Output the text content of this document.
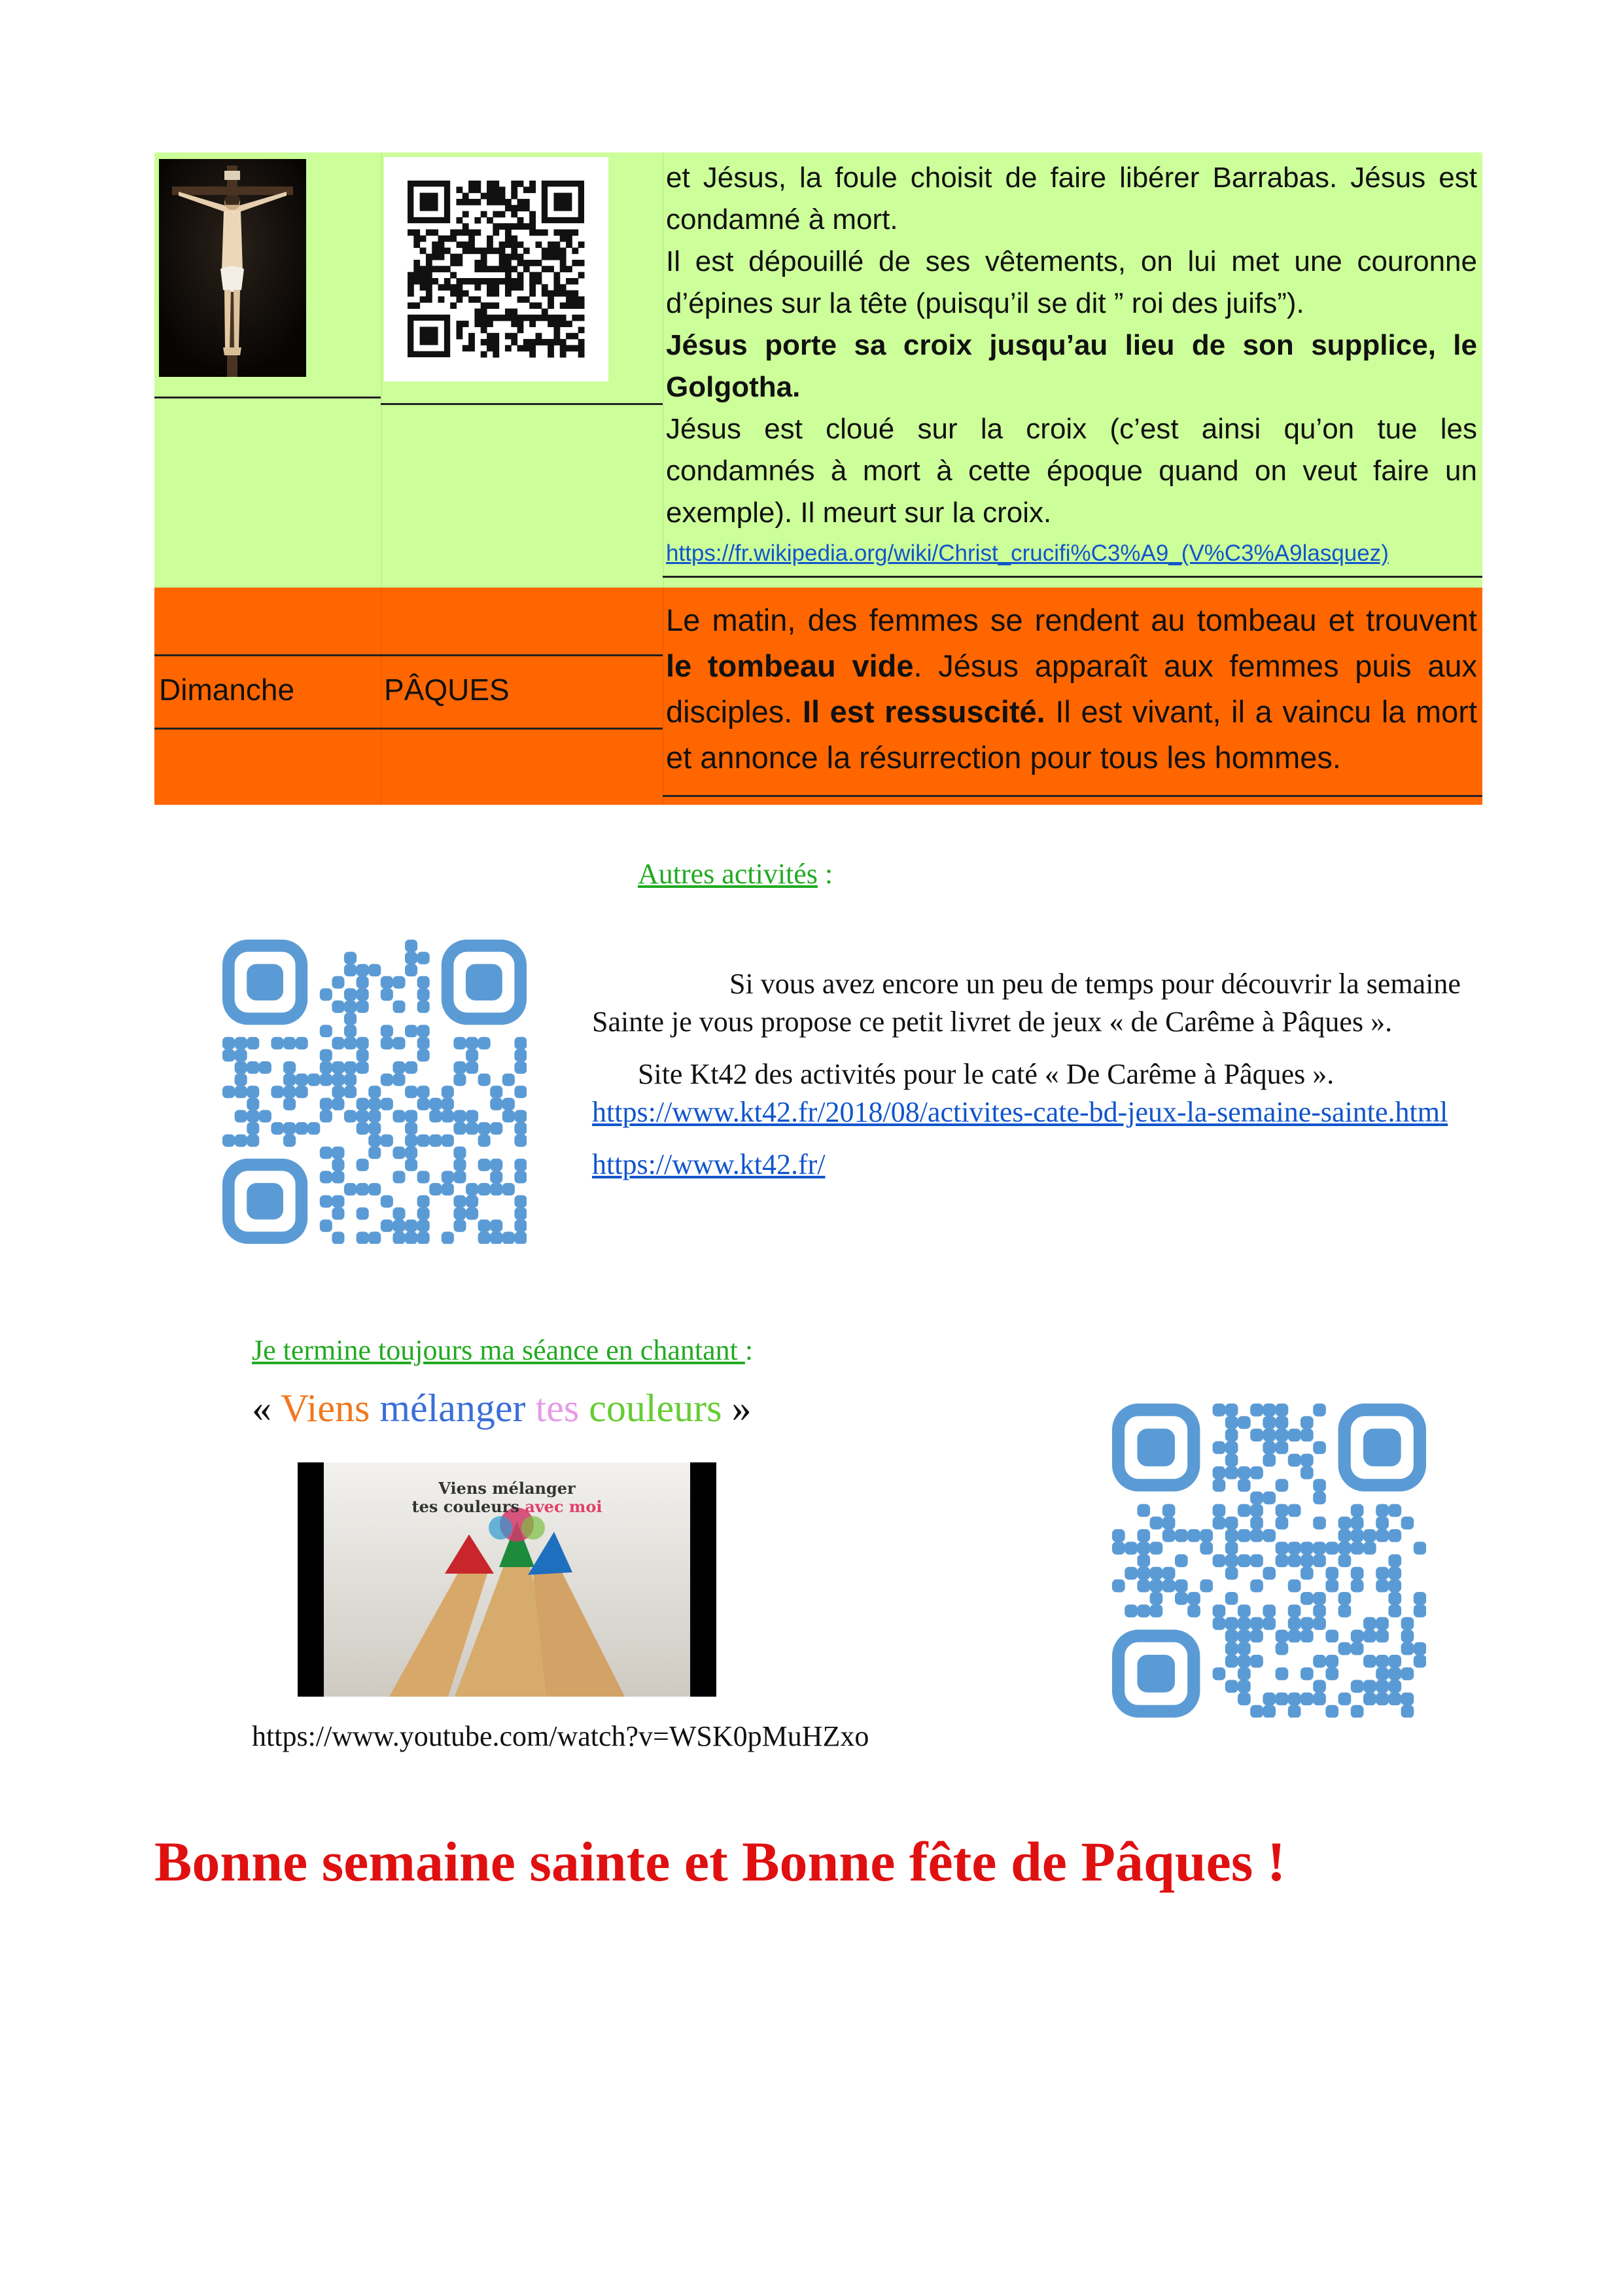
et Jésus, la foule choisit de faire libérer Barrabas. Jésus est condamné à mort.

Il est dépouillé de ses vêtements, on lui met une couronne d’épines sur la tête (puisqu’il se dit ” roi des juifs”).

Jésus porte sa croix jusqu’au lieu de son supplice, le Golgotha.

Jésus est cloué sur la croix (c’est ainsi qu’on tue les condamnés à mort à cette époque quand on veut faire un exemple). Il meurt sur la croix.

https://fr.wikipedia.org/wiki/Christ_crucifi%C3%A9_(V%C3%A9lasquez)

Dimanche	PÂQUES
Le matin, des femmes se rendent au tombeau et trouvent le tombeau vide. Jésus apparaît aux femmes puis aux disciples. Il est ressuscité. Il est vivant, il a vaincu la mort et annonce la résurrection pour tous les hommes.
Autres activités :

Si vous avez encore un peu de temps pour découvrir la semaine Sainte je vous propose ce petit livret de jeux « de Carême à Pâques ».

Site Kt42 des activités pour le caté « De Carême à Pâques ».

https://www.kt42.fr/2018/08/activites-cate-bd-jeux-la-semaine-sainte.html

https://www.kt42.fr/

Je termine toujours ma séance en chantant :
« Viens mélanger tes couleurs »
Viens mélanger
tes couleurs avec moi
https://www.youtube.com/watch?v=WSK0pMuHZxo
Bonne semaine sainte et Bonne fête de Pâques !
